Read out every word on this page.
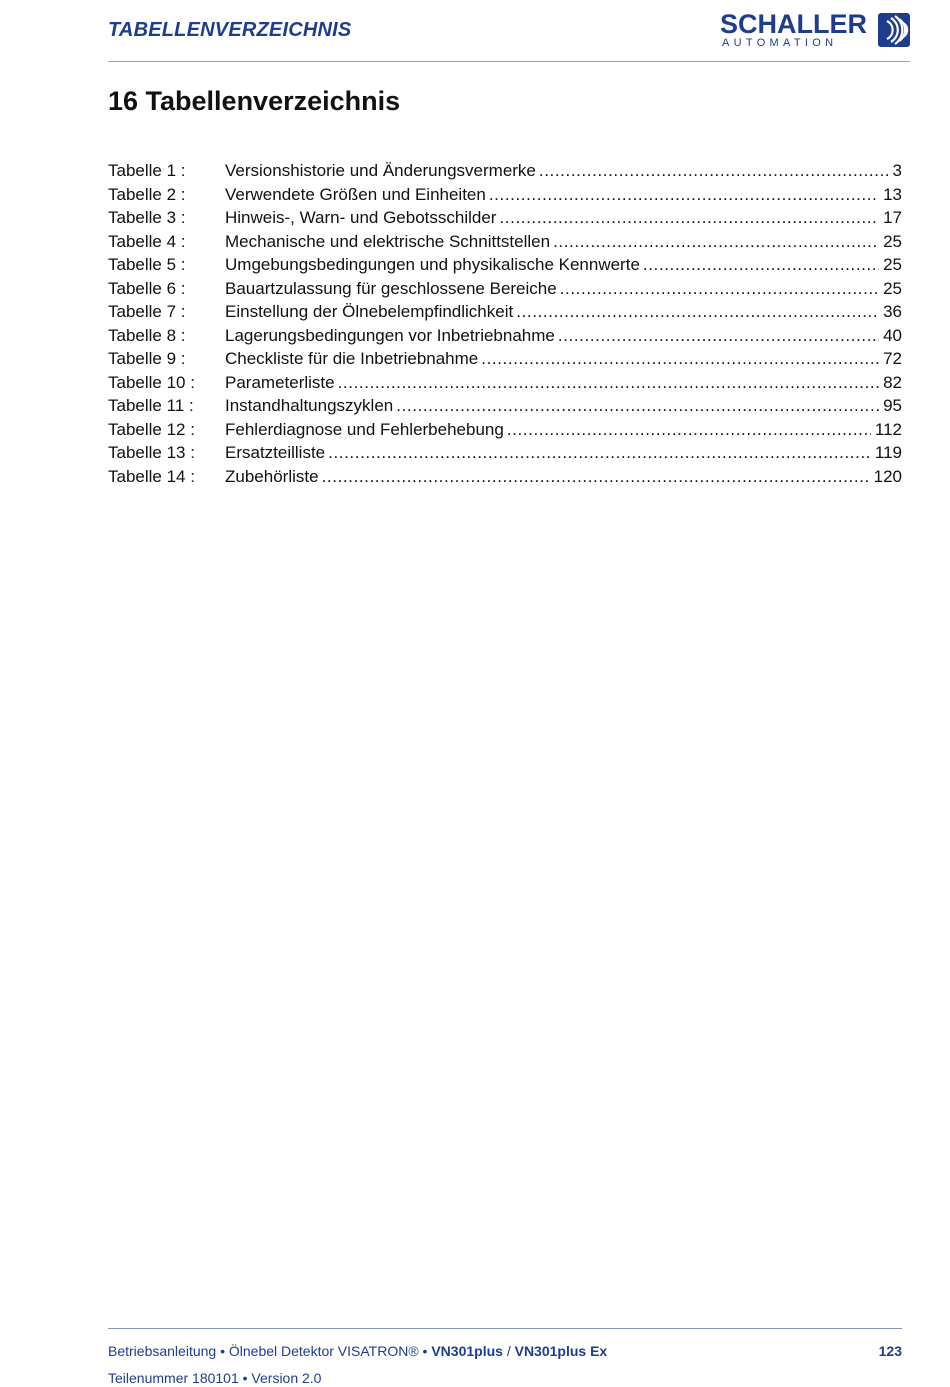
TABELLENVERZEICHNIS	SCHALLER
AUTOMATION
16 Tabellenverzeichnis
Tabelle 1 :	Versionshistorie und Änderungsvermerke .....	3
Tabelle 2 :	Verwendete Größen und Einheiten .....	13
Tabelle 3 :	Hinweis-, Warn- und Gebotsschilder .....	17
Tabelle 4 :	Mechanische und elektrische Schnittstellen .....	25
Tabelle 5 :	Umgebungsbedingungen und physikalische Kennwerte .....	25
Tabelle 6 :	Bauartzulassung für geschlossene Bereiche .....	25
Tabelle 7 :	Einstellung der Ölnebelempfindlichkeit .....	36
Tabelle 8 :	Lagerungsbedingungen vor Inbetriebnahme .....	40
Tabelle 9 :	Checkliste für die Inbetriebnahme .....	72
Tabelle 10 :	Parameterliste .....	82
Tabelle 11 :	Instandhaltungszyklen .....	95
Tabelle 12 :	Fehlerdiagnose und Fehlerbehebung .....	112
Tabelle 13 :	Ersatzteilliste .....	119
Tabelle 14 :	Zubehörliste .....	120
Betriebsanleitung • Ölnebel Detektor VISATRON® • VN301plus / VN301plus Ex	123
Teilenummer 180101 • Version 2.0
